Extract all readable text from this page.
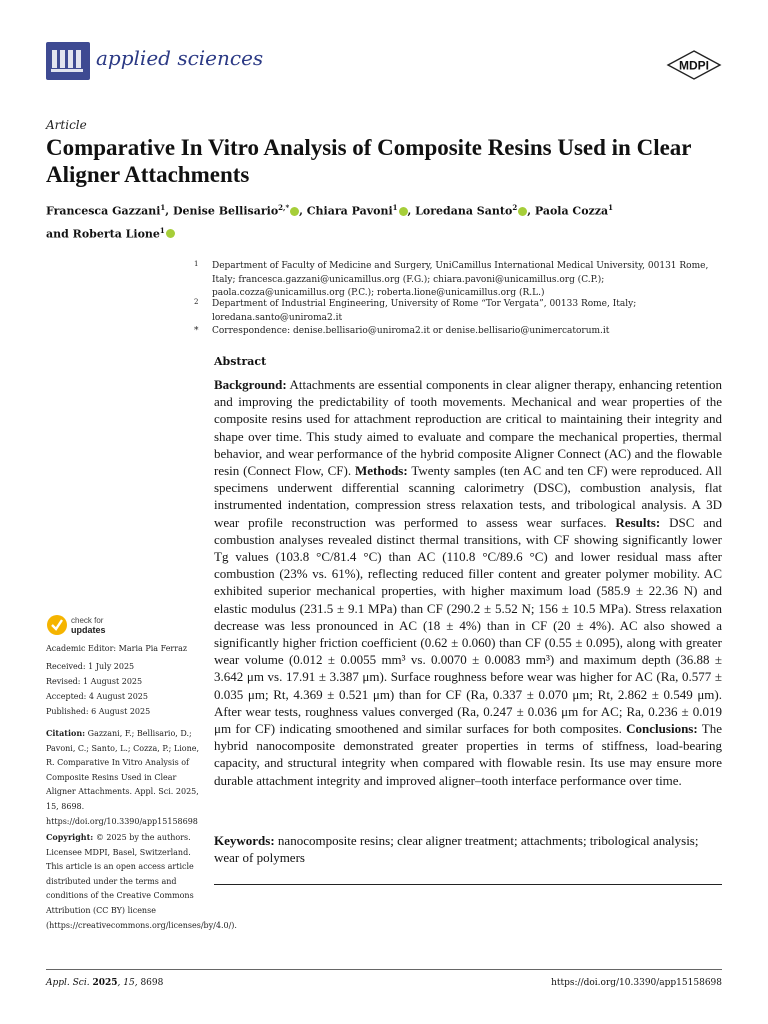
applied sciences	MDPI
Article
Comparative In Vitro Analysis of Composite Resins Used in Clear Aligner Attachments
Francesca Gazzani$^1$, Denise Bellisario$^{2,*}$ , Chiara Pavoni$^1$ , Loredana Santo$^2$ , Paola Cozza$^1$
and Roberta Lione$^1$
1 Department of Faculty of Medicine and Surgery, UniCamillus International Medical University, 00131 Rome, Italy; francesca.gazzani@unicamillus.org (F.G.); chiara.pavoni@unicamillus.org (C.P.); paola.cozza@unicamillus.org (P.C.); roberta.lione@unicamillus.org (R.L.)
2 Department of Industrial Engineering, University of Rome “Tor Vergata”, 00133 Rome, Italy; loredana.santo@uniroma2.it
* Correspondence: denise.bellisario@uniroma2.it or denise.bellisario@unimercatorum.it
Abstract
Background: Attachments are essential components in clear aligner therapy, enhancing retention and improving the predictability of tooth movements. Mechanical and wear properties of the composite resins used for attachment reproduction are critical to maintaining their integrity and shape over time. This study aimed to evaluate and compare the mechanical properties, thermal behavior, and wear performance of the hybrid composite Aligner Connect (AC) and the flowable resin (Connect Flow, CF). Methods: Twenty samples (ten AC and ten CF) were reproduced. All specimens underwent differential scanning calorimetry (DSC), combustion analysis, flat instrumented indentation, compression stress relaxation tests, and tribological analysis. A 3D wear profile reconstruction was performed to assess wear surfaces. Results: DSC and combustion analyses revealed distinct thermal transitions, with CF showing significantly lower Tg values (103.8 °C/81.4 °C) than AC (110.8 °C/89.6 °C) and lower residual mass after combustion (23% vs. 61%), reflecting reduced filler content and greater polymer mobility. AC exhibited superior mechanical properties, with higher maximum load (585.9 ± 22.36 N) and elastic modulus (231.5 ± 9.1 MPa) than CF (290.2 ± 5.52 N; 156 ± 10.5 MPa). Stress relaxation decrease was less pronounced in AC (18 ± 4%) than in CF (20 ± 4%). AC also showed a significantly higher friction coefficient (0.62 ± 0.060) than CF (0.55 ± 0.095), along with greater wear volume (0.012 ± 0.0055 mm³ vs. 0.0070 ± 0.0083 mm³) and maximum depth (36.88 ± 3.642 μm vs. 17.91 ± 3.387 μm). Surface roughness before wear was higher for AC (Ra, 0.577 ± 0.035 μm; Rt, 4.369 ± 0.521 μm) than for CF (Ra, 0.337 ± 0.070 μm; Rt, 2.862 ± 0.549 μm). After wear tests, roughness values converged (Ra, 0.247 ± 0.036 μm for AC; Ra, 0.236 ± 0.019 μm for CF) indicating smoothened and similar surfaces for both composites. Conclusions: The hybrid nanocomposite demonstrated greater properties in terms of stiffness, load-bearing capacity, and structural integrity when compared with flowable resin. Its use may ensure more durable attachment integrity and improved aligner–tooth interface performance over time.
Keywords: nanocomposite resins; clear aligner treatment; attachments; tribological analysis; wear of polymers
check for
updates
Academic Editor: Maria Pia Ferraz
Received: 1 July 2025
Revised: 1 August 2025
Accepted: 4 August 2025
Published: 6 August 2025
Citation: Gazzani, F.; Bellisario, D.; Pavoni, C.; Santo, L.; Cozza, P.; Lione, R. Comparative In Vitro Analysis of Composite Resins Used in Clear Aligner Attachments. Appl. Sci. 2025, 15, 8698. https://doi.org/10.3390/app15158698
Copyright: © 2025 by the authors. Licensee MDPI, Basel, Switzerland. This article is an open access article distributed under the terms and conditions of the Creative Commons Attribution (CC BY) license (https://creativecommons.org/licenses/by/4.0/).
Appl. Sci. 2025, 15, 8698	https://doi.org/10.3390/app15158698
